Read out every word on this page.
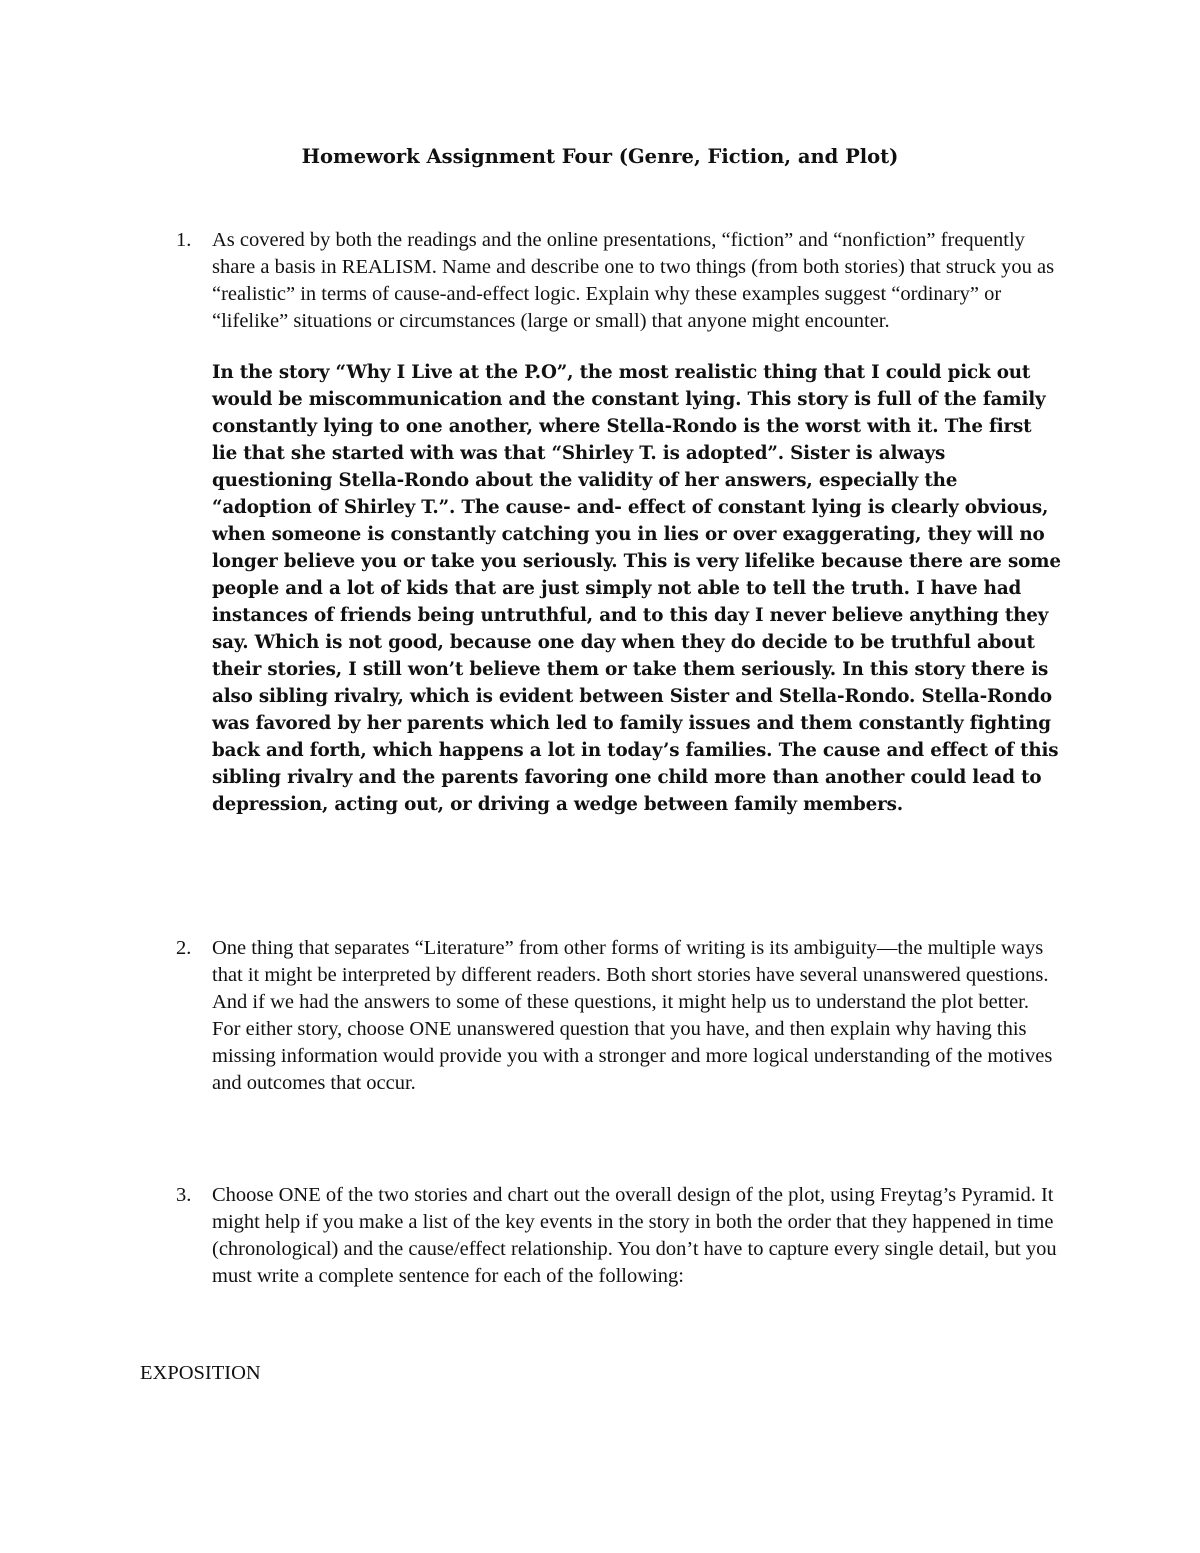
Homework Assignment Four (Genre, Fiction, and Plot)
1. As covered by both the readings and the online presentations, “fiction” and “nonfiction” frequently share a basis in REALISM. Name and describe one to two things (from both stories) that struck you as “realistic” in terms of cause-and-effect logic. Explain why these examples suggest “ordinary” or “lifelike” situations or circumstances (large or small) that anyone might encounter.

In the story “Why I Live at the P.O”, the most realistic thing that I could pick out would be miscommunication and the constant lying. This story is full of the family constantly lying to one another, where Stella-Rondo is the worst with it. The first lie that she started with was that “Shirley T. is adopted”. Sister is always questioning Stella-Rondo about the validity of her answers, especially the “adoption of Shirley T.”. The cause- and- effect of constant lying is clearly obvious, when someone is constantly catching you in lies or over exaggerating, they will no longer believe you or take you seriously. This is very lifelike because there are some people and a lot of kids that are just simply not able to tell the truth. I have had instances of friends being untruthful, and to this day I never believe anything they say. Which is not good, because one day when they do decide to be truthful about their stories, I still won’t believe them or take them seriously. In this story there is also sibling rivalry, which is evident between Sister and Stella-Rondo. Stella-Rondo was favored by her parents which led to family issues and them constantly fighting back and forth, which happens a lot in today’s families. The cause and effect of this sibling rivalry and the parents favoring one child more than another could lead to depression, acting out, or driving a wedge between family members.

2. One thing that separates “Literature” from other forms of writing is its ambiguity—the multiple ways that it might be interpreted by different readers. Both short stories have several unanswered questions. And if we had the answers to some of these questions, it might help us to understand the plot better. For either story, choose ONE unanswered question that you have, and then explain why having this missing information would provide you with a stronger and more logical understanding of the motives and outcomes that occur.

3. Choose ONE of the two stories and chart out the overall design of the plot, using Freytag’s Pyramid. It might help if you make a list of the key events in the story in both the order that they happened in time (chronological) and the cause/effect relationship. You don’t have to capture every single detail, but you must write a complete sentence for each of the following:

EXPOSITION
